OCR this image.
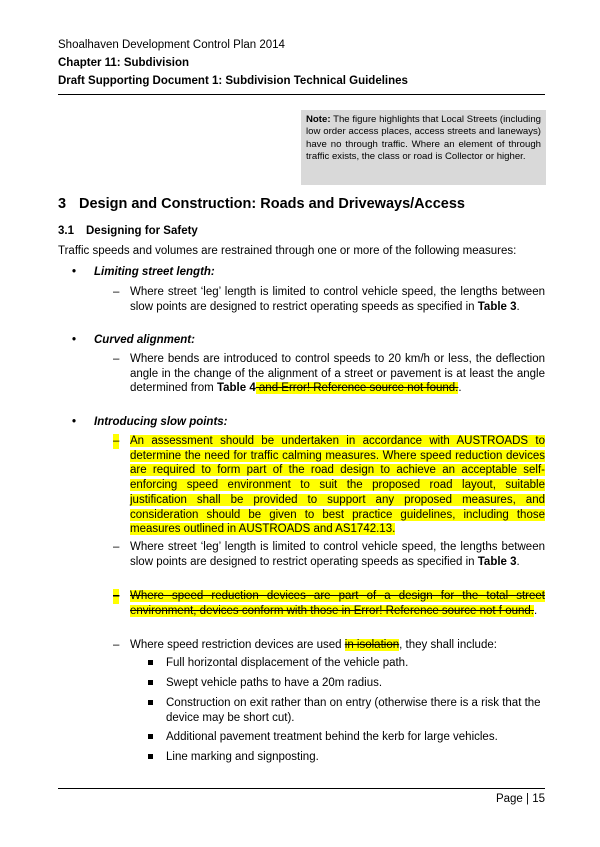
Shoalhaven Development Control Plan 2014
Chapter 11: Subdivision
Draft Supporting Document 1: Subdivision Technical Guidelines
Note: The figure highlights that Local Streets (including low order access places, access streets and laneways) have no through traffic. Where an element of through traffic exists, the class or road is Collector or higher.
3 Design and Construction: Roads and Driveways/Access
3.1 Designing for Safety
Traffic speeds and volumes are restrained through one or more of the following measures:
• Limiting street length:
– Where street ‘leg’ length is limited to control vehicle speed, the lengths between slow points are designed to restrict operating speeds as specified in Table 3.
• Curved alignment:
– Where bends are introduced to control speeds to 20 km/h or less, the deflection angle in the change of the alignment of a street or pavement is at least the angle determined from Table 4 and Error! Reference source not found..
• Introducing slow points:
– An assessment should be undertaken in accordance with AUSTROADS to determine the need for traffic calming measures. Where speed reduction devices are required to form part of the road design to achieve an acceptable self-enforcing speed environment to suit the proposed road layout, suitable justification shall be provided to support any proposed measures, and consideration should be given to best practice guidelines, including those measures outlined in AUSTROADS and AS1742.13.
– Where street ‘leg’ length is limited to control vehicle speed, the lengths between slow points are designed to restrict operating speeds as specified in Table 3.
– Where speed reduction devices are part of a design for the total street environment, devices conform with those in Error! Reference source not f ound..
– Where speed restriction devices are used in isolation, they shall include:
Full horizontal displacement of the vehicle path.
Swept vehicle paths to have a 20m radius.
Construction on exit rather than on entry (otherwise there is a risk that the device may be short cut).
Additional pavement treatment behind the kerb for large vehicles.
Line marking and signposting.
Page | 15
